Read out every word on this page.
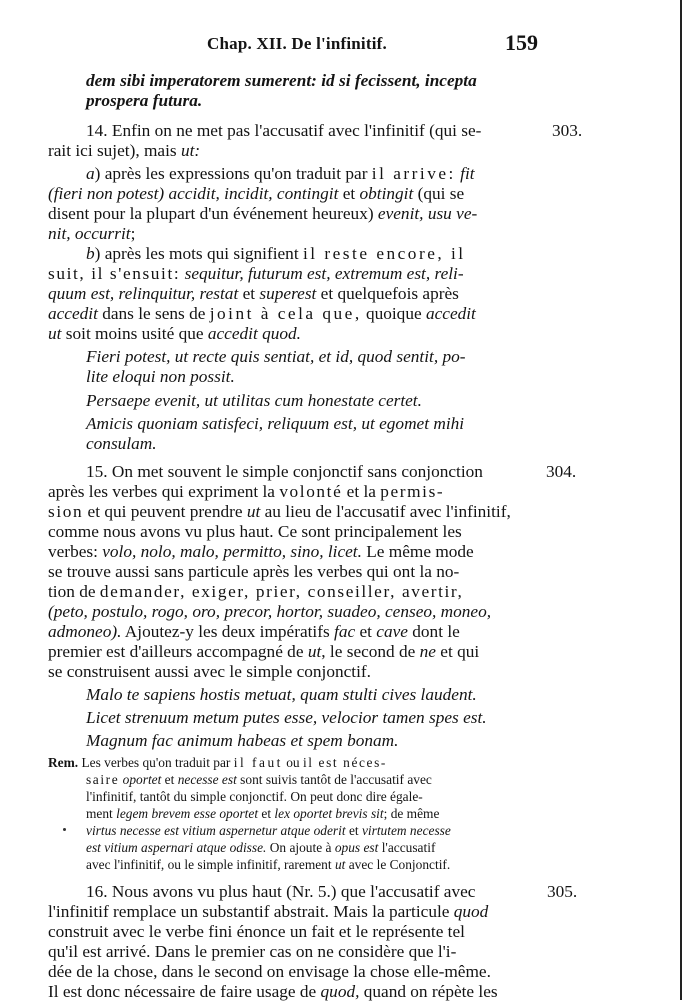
Chap. XII. De l'infinitif.	159
dem sibi imperatorem sumerent: id si fecissent, incepta
prospera futura.
14. Enfin on ne met pas l'accusatif avec l'infinitif (qui se-
rait ici sujet), mais ut:
a) après les expressions qu'on traduit par il arrive: fit
(fieri non potest) accidit, incidit, contingit et obtingit (qui se
disent pour la plupart d'un événement heureux) evenit, usu ve-
nit, occurrit;
b) après les mots qui signifient il reste encore, il
suit, il s'ensuit: sequitur, futurum est, extremum est, reli-
quum est, relinquitur, restat et superest et quelquefois après
accedit dans le sens de joint à cela que, quoique accedit
ut soit moins usité que accedit quod.
Fieri potest, ut recte quis sentiat, et id, quod sentit, po-
lite eloqui non possit.
Persaepe evenit, ut utilitas cum honestate certet.
Amicis quoniam satisfeci, reliquum est, ut egomet mihi
consulam.
15. On met souvent le simple conjonctif sans conjonction
après les verbes qui expriment la volonté et la permis-
sion et qui peuvent prendre ut au lieu de l'accusatif avec l'infinitif,
comme nous avons vu plus haut. Ce sont principalement les
verbes: volo, nolo, malo, permitto, sino, licet. Le même mode
se trouve aussi sans particule après les verbes qui ont la no-
tion de demander, exiger, prier, conseiller, avertir,
(peto, postulo, rogo, oro, precor, hortor, suadeo, censeo, moneo,
admoneo). Ajoutez-y les deux impératifs fac et cave dont le
premier est d'ailleurs accompagné de ut, le second de ne et qui
se construisent aussi avec le simple conjonctif.
Malo te sapiens hostis metuat, quam stulti cives laudent.
Licet strenuum metum putes esse, velocior tamen spes est.
Magnum fac animum habeas et spem bonam.
Rem. Les verbes qu'on traduit par il faut ou il est néces-
saire oportet et necesse est sont suivis tantôt de l'accusatif avec
l'infinitif, tantôt du simple conjonctif. On peut donc dire égale-
ment legem brevem esse oportet et lex oportet brevis sit; de même
virtus necesse est vitium aspernetur atque oderit et virtutem necesse
est vitium aspernari atque odisse. On ajoute à opus est l'accusatif
avec l'infinitif, ou le simple infinitif, rarement ut avec le Conjonctif.
16. Nous avons vu plus haut (Nr. 5.) que l'accusatif avec
l'infinitif remplace un substantif abstrait. Mais la particule quod
construit avec le verbe fini énonce un fait et le représente tel
qu'il est arrivé. Dans le premier cas on ne considère que l'i-
dée de la chose, dans le second on envisage la chose elle-même.
Il est donc nécessaire de faire usage de quod, quand on répète les
303.
304.
305.
